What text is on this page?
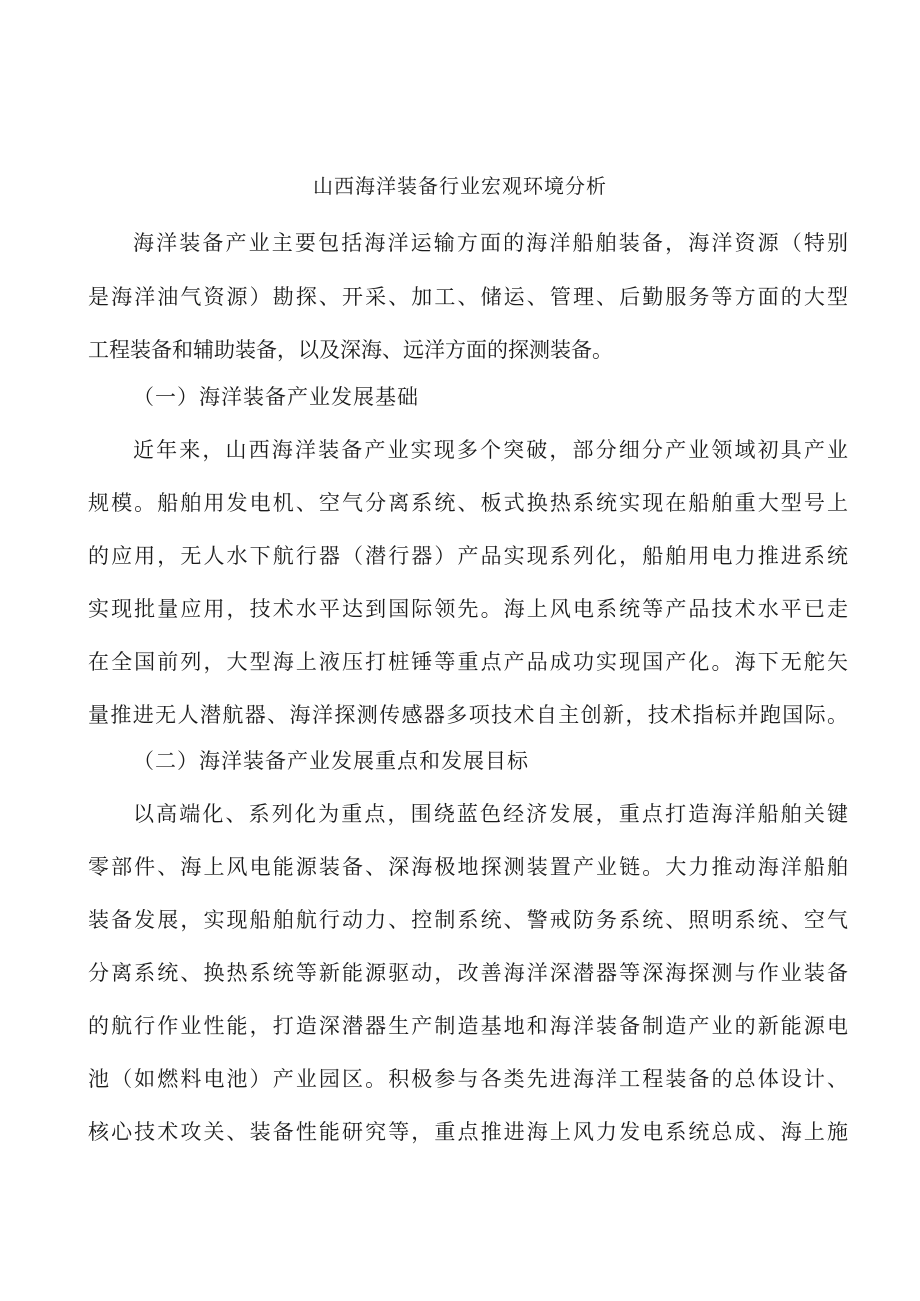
山西海洋装备行业宏观环境分析
海洋装备产业主要包括海洋运输方面的海洋船舶装备，海洋资源（特别
是海洋油气资源）勘探、开采、加工、储运、管理、后勤服务等方面的大型
工程装备和辅助装备，以及深海、远洋方面的探测装备。
（一）海洋装备产业发展基础
近年来，山西海洋装备产业实现多个突破，部分细分产业领域初具产业
规模。船舶用发电机、空气分离系统、板式换热系统实现在船舶重大型号上
的应用，无人水下航行器（潜行器）产品实现系列化，船舶用电力推进系统
实现批量应用，技术水平达到国际领先。海上风电系统等产品技术水平已走
在全国前列，大型海上液压打桩锤等重点产品成功实现国产化。海下无舵矢
量推进无人潜航器、海洋探测传感器多项技术自主创新，技术指标并跑国际。
（二）海洋装备产业发展重点和发展目标
以高端化、系列化为重点，围绕蓝色经济发展，重点打造海洋船舶关键
零部件、海上风电能源装备、深海极地探测装置产业链。大力推动海洋船舶
装备发展，实现船舶航行动力、控制系统、警戒防务系统、照明系统、空气
分离系统、换热系统等新能源驱动，改善海洋深潜器等深海探测与作业装备
的航行作业性能，打造深潜器生产制造基地和海洋装备制造产业的新能源电
池（如燃料电池）产业园区。积极参与各类先进海洋工程装备的总体设计、
核心技术攻关、装备性能研究等，重点推进海上风力发电系统总成、海上施
